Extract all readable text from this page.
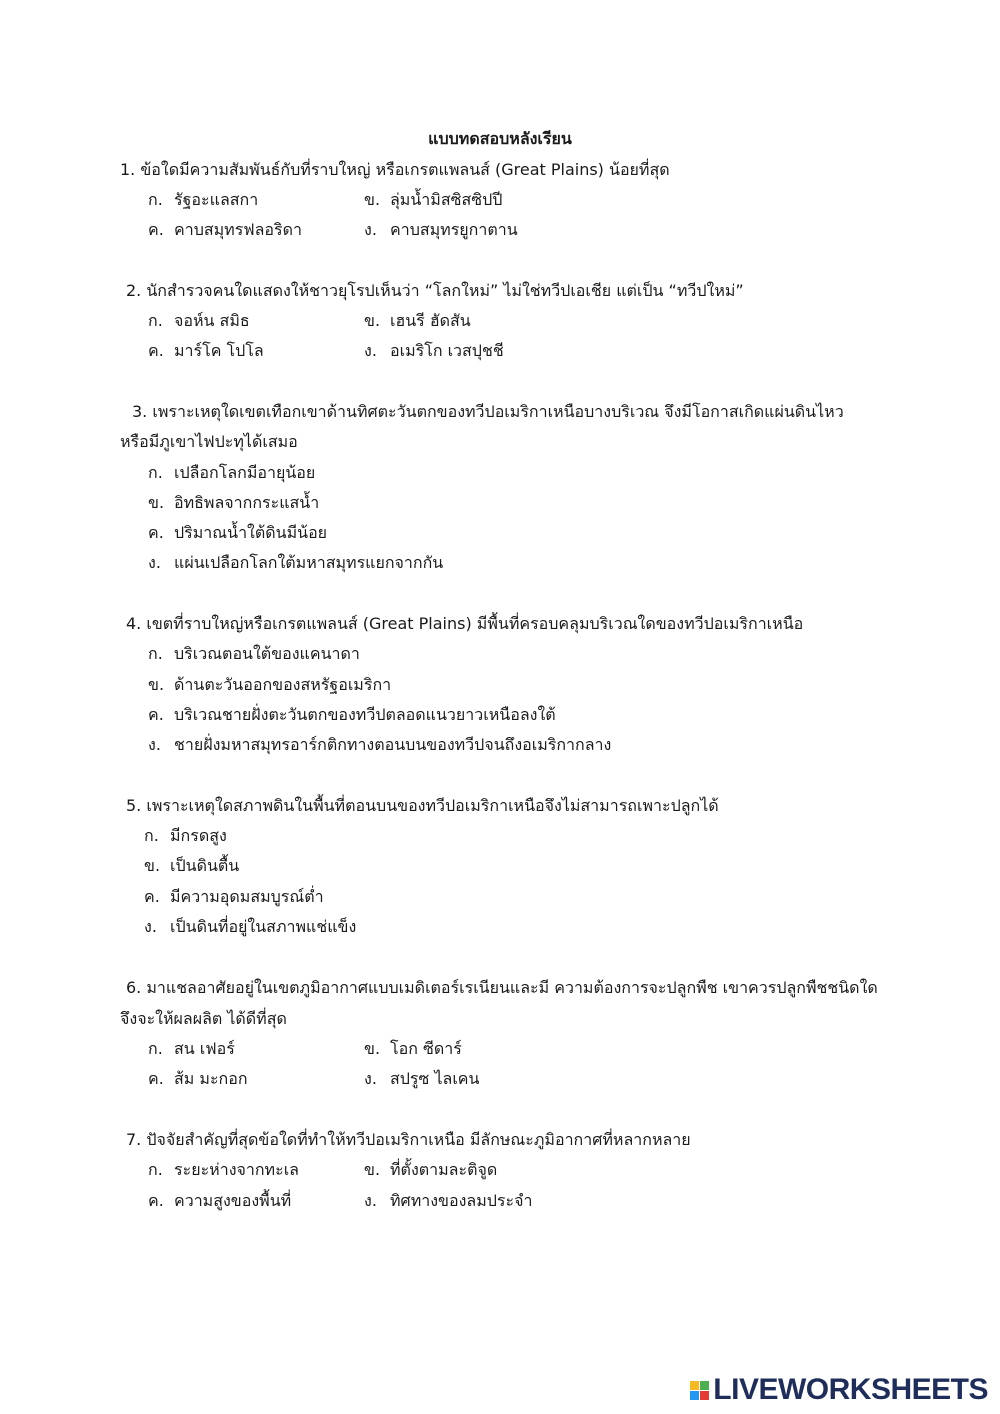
แบบทดสอบหลังเรียน
1. ข้อใดมีความสัมพันธ์กับที่ราบใหญ่ หรือเกรตแพลนส์ (Great Plains) น้อยที่สุด
ก. รัฐอะแลสกา	ข. ลุ่มน้ำมิสซิสซิปปี
ค. คาบสมุทรฟลอริดา	ง. คาบสมุทรยูกาตาน
2. นักสำรวจคนใดแสดงให้ชาวยุโรปเห็นว่า “โลกใหม่” ไม่ใช่ทวีปเอเชีย แต่เป็น “ทวีปใหม่”
ก. จอห์น สมิธ	ข. เฮนรี ฮัดสัน
ค. มาร์โค โปโล	ง. อเมริโก เวสปุชชี
3. เพราะเหตุใดเขตเทือกเขาด้านทิศตะวันตกของทวีปอเมริกาเหนือบางบริเวณ จึงมีโอกาสเกิดแผ่นดินไหว
หรือมีภูเขาไฟปะทุได้เสมอ
ก. เปลือกโลกมีอายุน้อย
ข. อิทธิพลจากกระแสน้ำ
ค. ปริมาณน้ำใต้ดินมีน้อย
ง. แผ่นเปลือกโลกใต้มหาสมุทรแยกจากกัน
4. เขตที่ราบใหญ่หรือเกรตแพลนส์ (Great Plains) มีพื้นที่ครอบคลุมบริเวณใดของทวีปอเมริกาเหนือ
ก. บริเวณตอนใต้ของแคนาดา
ข. ด้านตะวันออกของสหรัฐอเมริกา
ค. บริเวณชายฝั่งตะวันตกของทวีปตลอดแนวยาวเหนือลงใต้
ง. ชายฝั่งมหาสมุทรอาร์กติกทางตอนบนของทวีปจนถึงอเมริกากลาง
5. เพราะเหตุใดสภาพดินในพื้นที่ตอนบนของทวีปอเมริกาเหนือจึงไม่สามารถเพาะปลูกได้
ก. มีกรดสูง
ข. เป็นดินตื้น
ค. มีความอุดมสมบูรณ์ต่ำ
ง. เป็นดินที่อยู่ในสภาพแช่แข็ง
6. มาแชลอาศัยอยู่ในเขตภูมิอากาศแบบเมดิเตอร์เรเนียนและมี ความต้องการจะปลูกพืช เขาควรปลูกพืชชนิดใด
จึงจะให้ผลผลิต ได้ดีที่สุด
ก. สน เฟอร์	ข. โอก ซีดาร์
ค. ส้ม มะกอก	ง. สปรูซ ไลเคน
7. ปัจจัยสำคัญที่สุดข้อใดที่ทำให้ทวีปอเมริกาเหนือ มีลักษณะภูมิอากาศที่หลากหลาย
ก. ระยะห่างจากทะเล	ข. ที่ตั้งตามละติจูด
ค. ความสูงของพื้นที่	ง. ทิศทางของลมประจำ
LIVEWORKSHEETS
